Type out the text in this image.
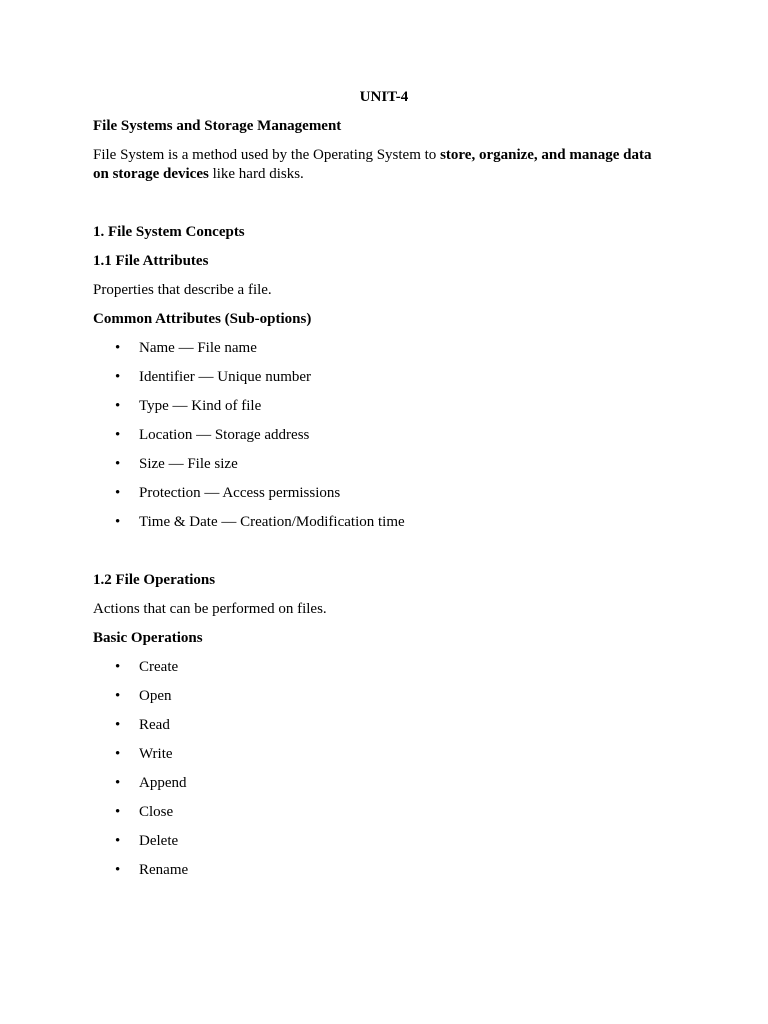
UNIT-4
File Systems and Storage Management
File System is a method used by the Operating System to store, organize, and manage data
on storage devices like hard disks.
1. File System Concepts
1.1 File Attributes
Properties that describe a file.
Common Attributes (Sub-options)
• Name — File name
• Identifier — Unique number
• Type — Kind of file
• Location — Storage address
• Size — File size
• Protection — Access permissions
• Time & Date — Creation/Modification time
1.2 File Operations
Actions that can be performed on files.
Basic Operations
• Create
• Open
• Read
• Write
• Append
• Close
• Delete
• Rename
